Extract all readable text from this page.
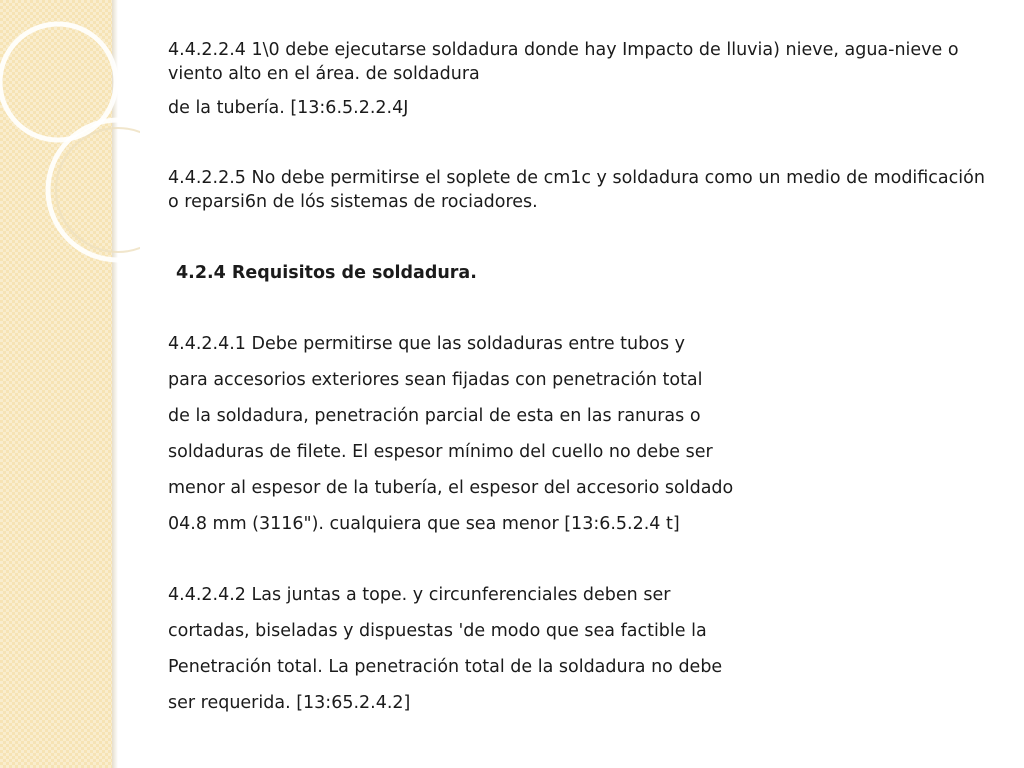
4.4.2.2.4 1\0 debe ejecutarse soldadura donde hay Impacto de lluvia) nieve, agua-nieve o viento alto en el área. de soldadura

de la tubería. [13:6.5.2.2.4J

4.4.2.2.5 No debe permitirse el soplete de cm1c y soldadura como un medio de modificación o reparsi6n de lós sistemas de rociadores.

4.2.4 Requisitos de soldadura.

4.4.2.4.1 Debe permitirse que las soldaduras entre tubos y

para accesorios exteriores sean fijadas con penetración total

de la soldadura, penetración parcial de esta en las ranuras o

soldaduras de filete. El espesor mínimo del cuello no debe ser

menor al espesor de la tubería, el espesor del accesorio soldado

04.8 mm (3116"). cualquiera que sea menor [13:6.5.2.4 t]

4.4.2.4.2 Las juntas a tope. y circunferenciales deben ser

cortadas, biseladas y dispuestas 'de modo que sea factible la

Penetración total. La penetración total de la soldadura no debe

ser requerida. [13:65.2.4.2]
